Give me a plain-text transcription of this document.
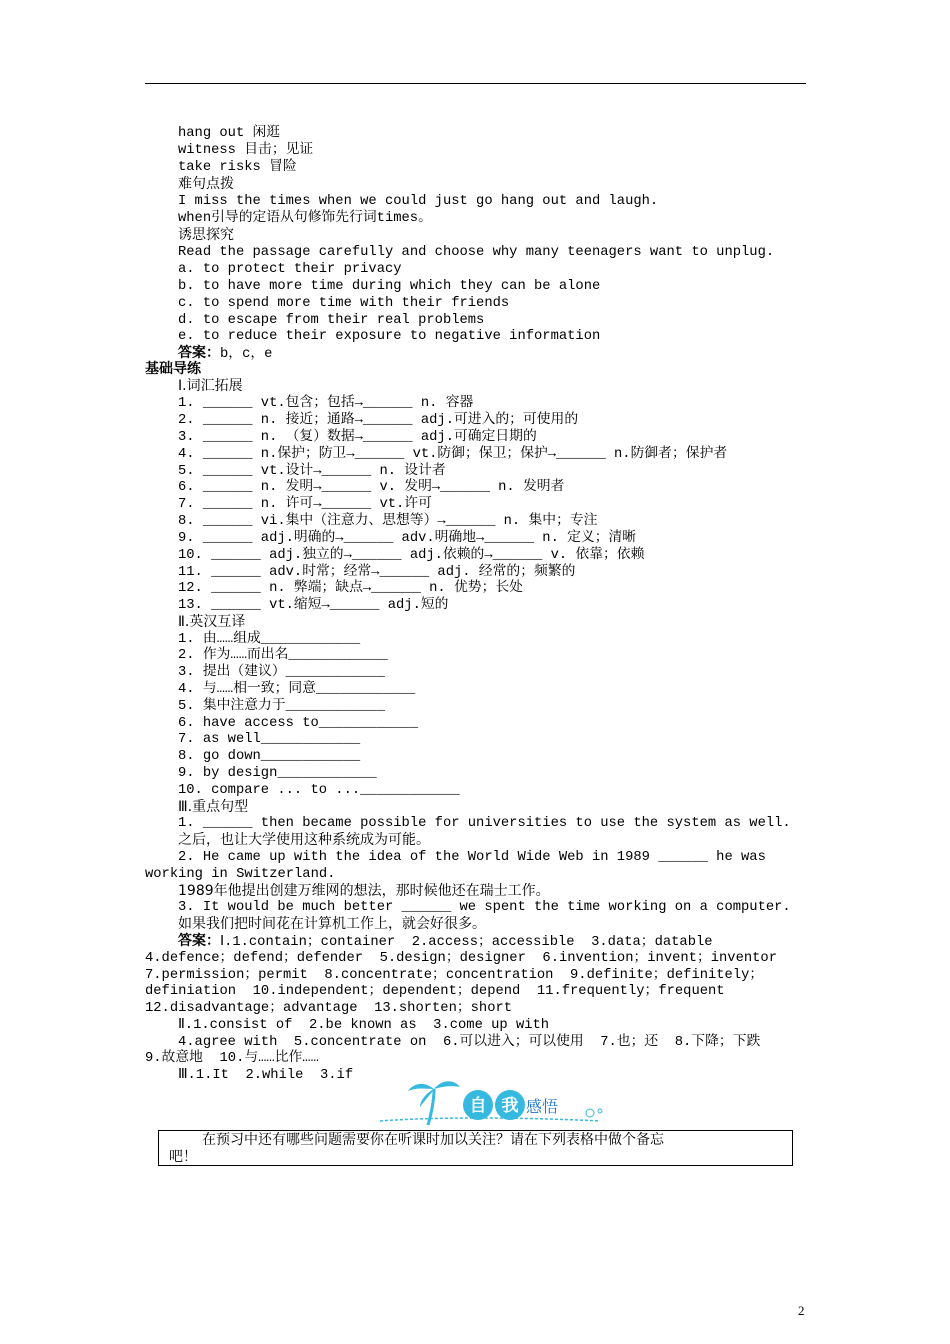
hang out 闲逛
witness 目击；见证
take risks 冒险
难句点拨
I miss the times when we could just go hang out and laugh.
when引导的定语从句修饰先行词times。
诱思探究
Read the passage carefully and choose why many teenagers want to unplug.
a. to protect their privacy
b. to have more time during which they can be alone
c. to spend more time with their friends
d. to escape from their real problems
e. to reduce their exposure to negative information
答案：b，c，e
基础导练
Ⅰ.词汇拓展
1. ______ vt.包含；包括→______ n. 容器
2. ______ n. 接近；通路→______ adj.可进入的；可使用的
3. ______ n. （复）数据→______ adj.可确定日期的
4. ______ n.保护；防卫→______ vt.防御；保卫；保护→______ n.防御者；保护者
5. ______ vt.设计→______ n. 设计者
6. ______ n. 发明→______ v. 发明→______ n. 发明者
7. ______ n. 许可→______ vt.许可
8. ______ vi.集中（注意力、思想等）→______ n. 集中；专注
9. ______ adj.明确的→______ adv.明确地→______ n. 定义；清晰
10. ______ adj.独立的→______ adj.依赖的→______ v. 依靠；依赖
11. ______ adv.时常；经常→______ adj. 经常的；频繁的
12. ______ n. 弊端；缺点→______ n. 优势；长处
13. ______ vt.缩短→______ adj.短的
Ⅱ.英汉互译
1. 由……组成____________
2. 作为……而出名____________
3. 提出（建议）____________
4. 与……相一致；同意____________
5. 集中注意力于____________
6. have access to____________
7. as well____________
8. go down____________
9. by design____________
10. compare ... to ...____________
Ⅲ.重点句型
1. ______ then became possible for universities to use the system as well.
之后，也让大学使用这种系统成为可能。
2. He came up with the idea of the World Wide Web in 1989 ______ he was
working in Switzerland.
1989年他提出创建万维网的想法，那时候他还在瑞士工作。
3. It would be much better ______ we spent the time working on a computer.
如果我们把时间花在计算机工作上，就会好很多。
答案：Ⅰ.1.contain；container  2.access；accessible  3.data；datable
4.defence；defend；defender  5.design；designer  6.invention；invent；inventor
7.permission；permit  8.concentrate；concentration  9.definite；definitely；
definiation  10.independent；dependent；depend  11.frequently；frequent
12.disadvantage；advantage  13.shorten；short
Ⅱ.1.consist of  2.be known as  3.come up with
4.agree with  5.concentrate on  6.可以进入；可以使用  7.也；还  8.下降；下跌
9.故意地  10.与……比作……
Ⅲ.1.It  2.while  3.if
自 我 感悟
自我感悟
在预习中还有哪些问题需要你在听课时加以关注？请在下列表格中做个备忘
吧！
2
